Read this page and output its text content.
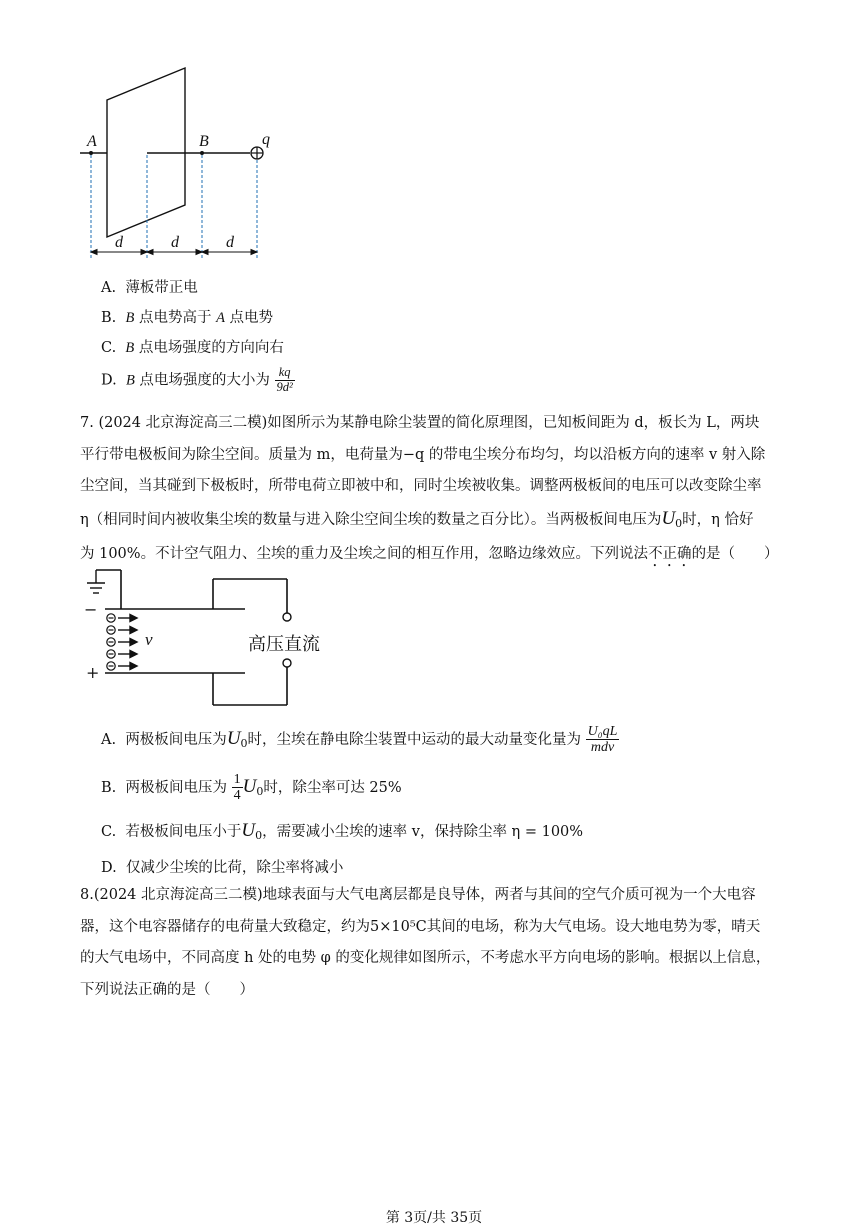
A	B	q
d	d	d
A. 薄板带正电
B. B 点电势高于 A 点电势
C. B 点电场强度的方向向右
D. B 点电场强度的大小为 $\frac{kq}{\text{9d²}}$

7. (2024 北京海淀高三二模)如图所示为某静电除尘装置的简化原理图，已知板间距为 d，板长为 L，两块

平行带电极板间为除尘空间。质量为 m，电荷量为−q 的带电尘埃分布均匀，均以沿板方向的速率 v 射入除

尘空间，当其碰到下极板时，所带电荷立即被中和，同时尘埃被收集。调整两极板间的电压可以改变除尘率

η（相同时间内被收集尘埃的数量与进入除尘空间尘埃的数量之百分比）。当两极板间电压为$U_0$时，η 恰好

为 100%。不计空气阻力、尘埃的重力及尘埃之间的相互作用，忽略边缘效应。下列说法不正确的是（　　）

−
+
v	高压直流
A. 两极板间电压为$U_0$时，尘埃在静电除尘装置中运动的最大动量变化量为 $\frac{\text{U₀qL}}{\text{mdv}}$
B. 两极板间电压为 $\frac{1}{4} U_0$时，除尘率可达 25%
C. 若极板间电压小于$U_0$，需要减小尘埃的速率 v，保持除尘率 η = 100%
D. 仅减少尘埃的比荷，除尘率将减小

8.(2024 北京海淀高三二模)地球表面与大气电离层都是良导体，两者与其间的空气介质可视为一个大电容

器，这个电容器储存的电荷量大致稳定，约为5×10⁵C其间的电场，称为大气电场。设大地电势为零，晴天

的大气电场中，不同高度 h 处的电势 φ 的变化规律如图所示，不考虑水平方向电场的影响。根据以上信息，

下列说法正确的是（　　）

第 3页/共 35页
